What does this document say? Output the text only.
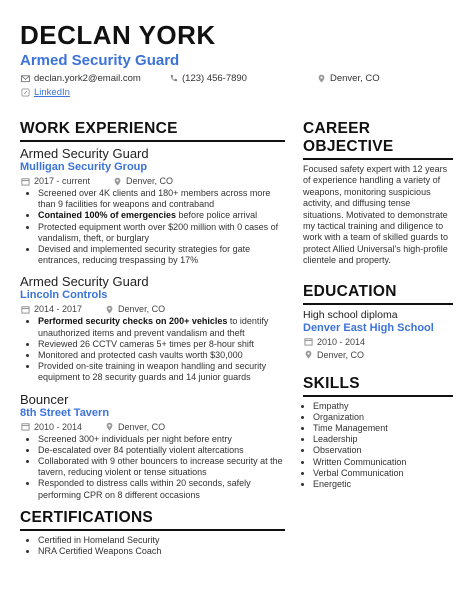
DECLAN YORK
Armed Security Guard
declan.york2@email.com	(123) 456-7890	Denver, CO
LinkedIn
WORK EXPERIENCE
Armed Security Guard
Mulligan Security Group
2017 - current	Denver, CO
• Screened over 4K clients and 180+ members across more than 9 facilities for weapons and contraband
• Contained 100% of emergencies before police arrival
• Protected equipment worth over $200 million with 0 cases of vandalism, theft, or burglary
• Devised and implemented security strategies for gate entrances, reducing trespassing by 17%
Armed Security Guard
Lincoln Controls
2014 - 2017	Denver, CO
• Performed security checks on 200+ vehicles to identify unauthorized items and prevent vandalism and theft
• Reviewed 26 CCTV cameras 5+ times per 8-hour shift
• Monitored and protected cash vaults worth $30,000
• Provided on-site training in weapon handling and security equipment to 28 security guards and 14 junior guards
Bouncer
8th Street Tavern
2010 - 2014	Denver, CO
• Screened 300+ individuals per night before entry
• De-escalated over 84 potentially violent altercations
• Collaborated with 9 other bouncers to increase security at the tavern, reducing violent or tense situations
• Responded to distress calls within 20 seconds, safely performing CPR on 8 different occasions
CERTIFICATIONS
• Certified in Homeland Security
• NRA Certified Weapons Coach
CAREER
OBJECTIVE
Focused safety expert with 12 years of experience handling a variety of weapons, monitoring suspicious activity, and diffusing tense situations. Motivated to demonstrate my tactical training and diligence to work with a team of skilled guards to protect Allied Universal's high-profile clientele and property.
EDUCATION
High school diploma
Denver East High School
2010 - 2014
Denver, CO
SKILLS
• Empathy
• Organization
• Time Management
• Leadership
• Observation
• Written Communication
• Verbal Communication
• Energetic
